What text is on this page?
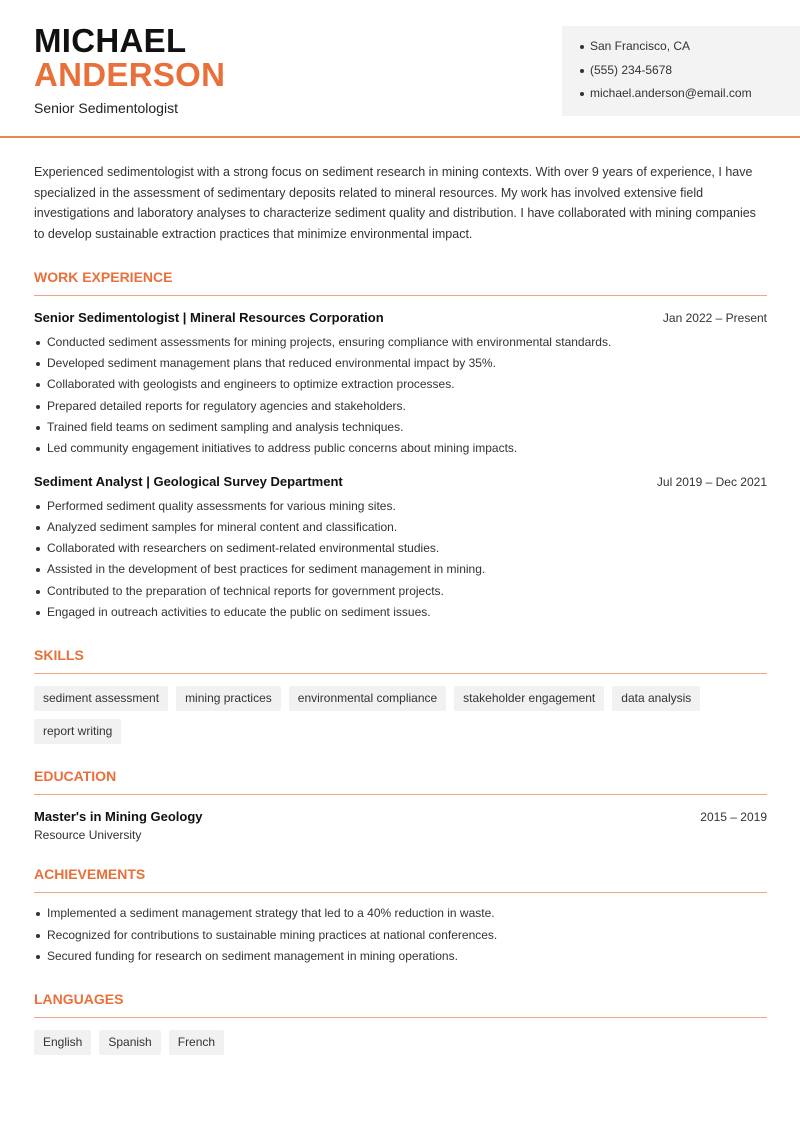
MICHAEL
ANDERSON
Senior Sedimentologist
San Francisco, CA
(555) 234-5678
michael.anderson@email.com

Experienced sedimentologist with a strong focus on sediment research in mining contexts. With over 9 years of experience, I have specialized in the assessment of sedimentary deposits related to mineral resources. My work has involved extensive field investigations and laboratory analyses to characterize sediment quality and distribution. I have collaborated with mining companies to develop sustainable extraction practices that minimize environmental impact.

WORK EXPERIENCE
Senior Sedimentologist | Mineral Resources Corporation	Jan 2022 – Present
Conducted sediment assessments for mining projects, ensuring compliance with environmental standards.
Developed sediment management plans that reduced environmental impact by 35%.
Collaborated with geologists and engineers to optimize extraction processes.
Prepared detailed reports for regulatory agencies and stakeholders.
Trained field teams on sediment sampling and analysis techniques.
Led community engagement initiatives to address public concerns about mining impacts.
Sediment Analyst | Geological Survey Department	Jul 2019 – Dec 2021
Performed sediment quality assessments for various mining sites.
Analyzed sediment samples for mineral content and classification.
Collaborated with researchers on sediment-related environmental studies.
Assisted in the development of best practices for sediment management in mining.
Contributed to the preparation of technical reports for government projects.
Engaged in outreach activities to educate the public on sediment issues.
SKILLS
sediment assessment	mining practices	environmental compliance	stakeholder engagement	data analysis
report writing
EDUCATION
Master's in Mining Geology	2015 – 2019
Resource University
ACHIEVEMENTS
Implemented a sediment management strategy that led to a 40% reduction in waste.
Recognized for contributions to sustainable mining practices at national conferences.
Secured funding for research on sediment management in mining operations.
LANGUAGES
English	Spanish	French
